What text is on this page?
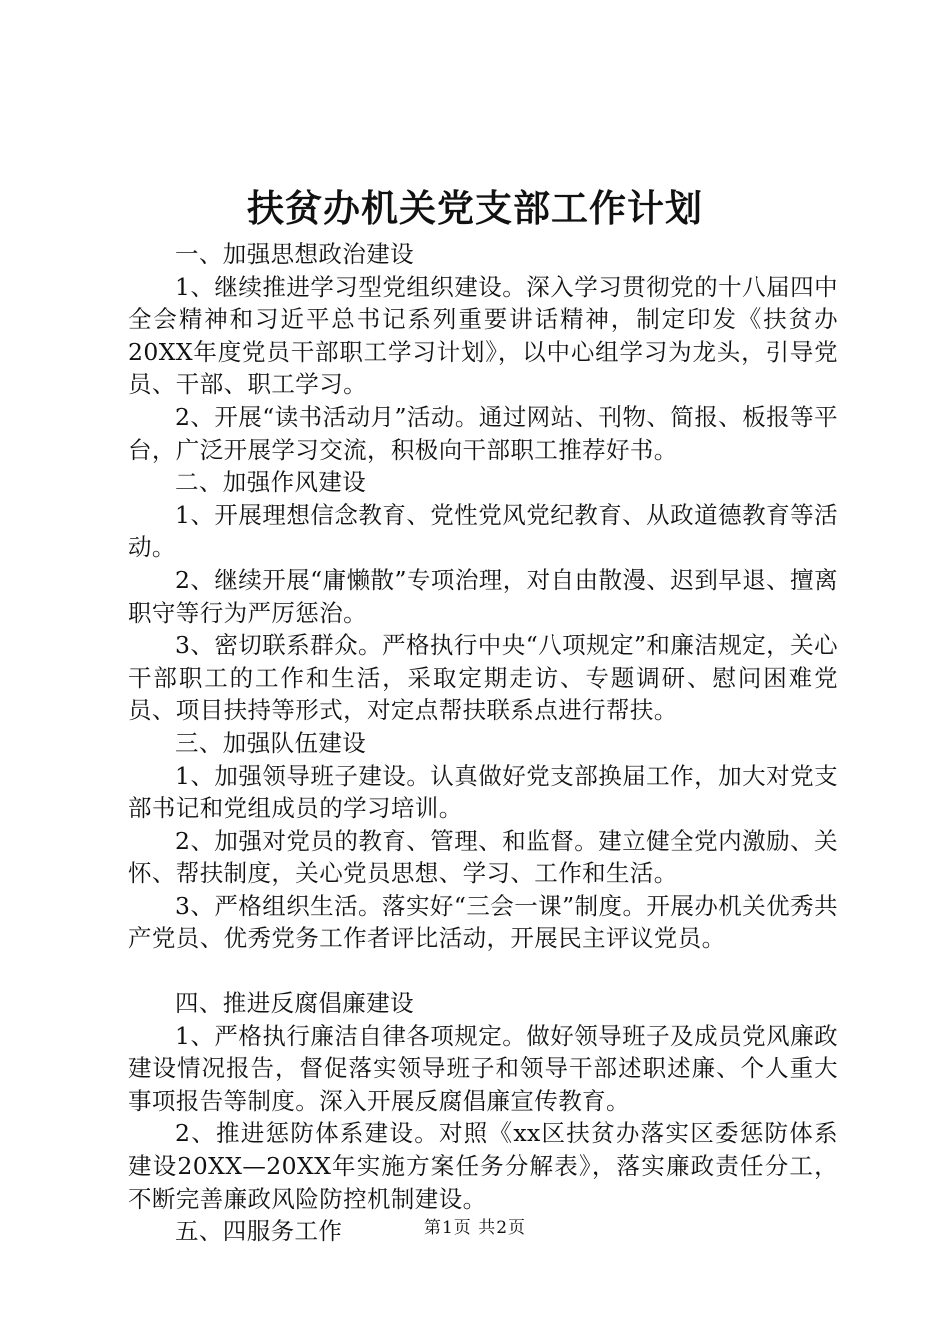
扶贫办机关党支部工作计划

一、加强思想政治建设

1、继续推进学习型党组织建设。深入学习贯彻党的十八届四中全会精神和习近平总书记系列重要讲话精神，制定印发《扶贫办20XX年度党员干部职工学习计划》，以中心组学习为龙头，引导党员、干部、职工学习。

2、开展“读书活动月”活动。通过网站、刊物、简报、板报等平台，广泛开展学习交流，积极向干部职工推荐好书。

二、加强作风建设

1、开展理想信念教育、党性党风党纪教育、从政道德教育等活动。

2、继续开展“庸懒散”专项治理，对自由散漫、迟到早退、擅离职守等行为严厉惩治。

3、密切联系群众。严格执行中央“八项规定”和廉洁规定，关心干部职工的工作和生活，采取定期走访、专题调研、慰问困难党员、项目扶持等形式，对定点帮扶联系点进行帮扶。

三、加强队伍建设

1、加强领导班子建设。认真做好党支部换届工作，加大对党支部书记和党组成员的学习培训。

2、加强对党员的教育、管理、和监督。建立健全党内激励、关怀、帮扶制度，关心党员思想、学习、工作和生活。

3、严格组织生活。落实好“三会一课”制度。开展办机关优秀共产党员、优秀党务工作者评比活动，开展民主评议党员。

四、推进反腐倡廉建设

1、严格执行廉洁自律各项规定。做好领导班子及成员党风廉政建设情况报告，督促落实领导班子和领导干部述职述廉、个人重大事项报告等制度。深入开展反腐倡廉宣传教育。

2、推进惩防体系建设。对照《xx区扶贫办落实区委惩防体系建设20XX—20XX年实施方案任务分解表》，落实廉政责任分工，不断完善廉政风险防控机制建设。

五、四服务工作	第1页 共2页
